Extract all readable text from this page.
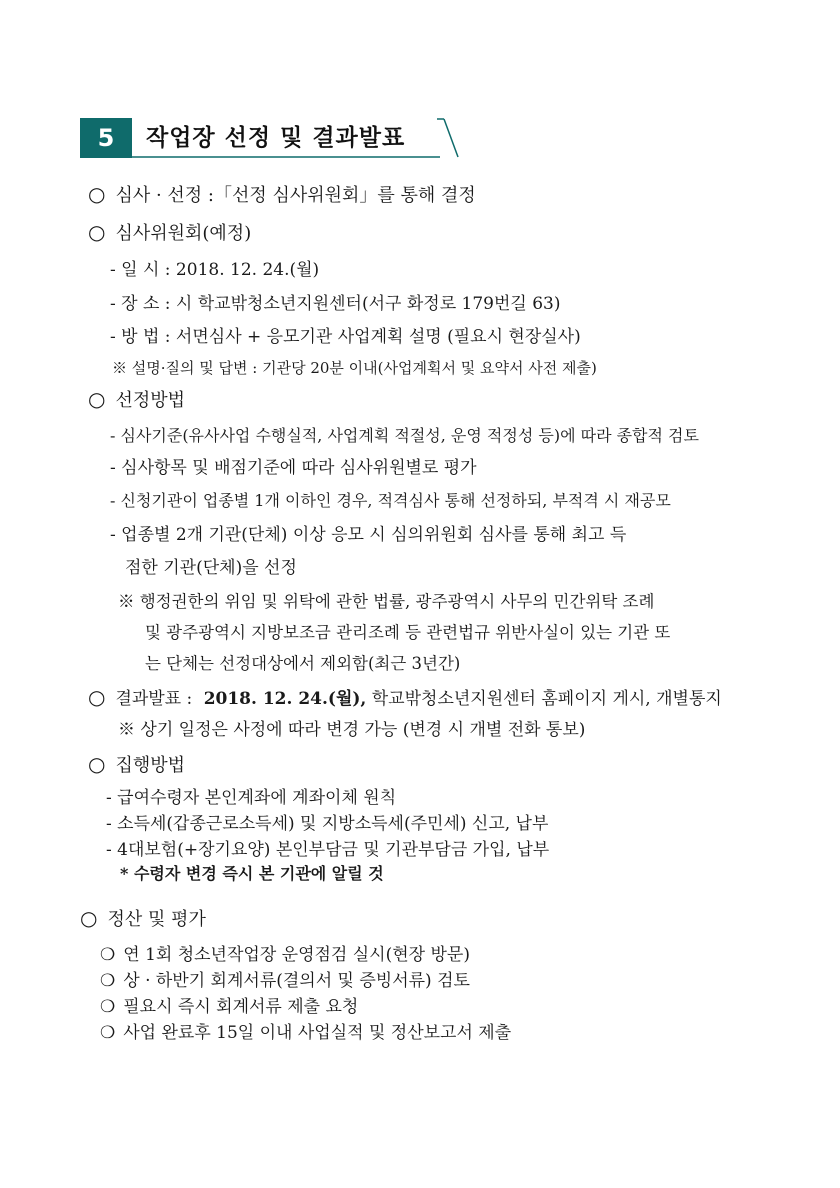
5	작업장 선정 및 결과발표
○ 심사 · 선정 :「선정 심사위원회」를 통해 결정
○ 심사위원회(예정)
- 일 시 : 2018. 12. 24.(월)
- 장 소 : 시 학교밖청소년지원센터(서구 화정로 179번길 63)
- 방 법 : 서면심사 + 응모기관 사업계획 설명 (필요시 현장실사)
※ 설명·질의 및 답변 : 기관당 20분 이내(사업계획서 및 요약서 사전 제출)
○ 선정방법
- 심사기준(유사사업 수행실적, 사업계획 적절성, 운영 적정성 등)에 따라 종합적 검토
- 심사항목 및 배점기준에 따라 심사위원별로 평가
- 신청기관이 업종별 1개 이하인 경우, 적격심사 통해 선정하되, 부적격 시 재공모
- 업종별 2개 기관(단체) 이상 응모 시 심의위원회 심사를 통해 최고 득
점한 기관(단체)을 선정
※ 행정권한의 위임 및 위탁에 관한 법률, 광주광역시 사무의 민간위탁 조례
및 광주광역시 지방보조금 관리조례 등 관련법규 위반사실이 있는 기관 또
는 단체는 선정대상에서 제외함(최근 3년간)
○ 결과발표 : 2018. 12. 24.(월), 학교밖청소년지원센터 홈페이지 게시, 개별통지
※ 상기 일정은 사정에 따라 변경 가능 (변경 시 개별 전화 통보)
○ 집행방법
- 급여수령자 본인계좌에 계좌이체 원칙
- 소득세(갑종근로소득세) 및 지방소득세(주민세) 신고, 납부
- 4대보험(+장기요양) 본인부담금 및 기관부담금 가입, 납부
* 수령자 변경 즉시 본 기관에 알릴 것
○ 정산 및 평가
❍ 연 1회 청소년작업장 운영점검 실시(현장 방문)
❍ 상 · 하반기 회계서류(결의서 및 증빙서류) 검토
❍ 필요시 즉시 회계서류 제출 요청
❍ 사업 완료후 15일 이내 사업실적 및 정산보고서 제출
